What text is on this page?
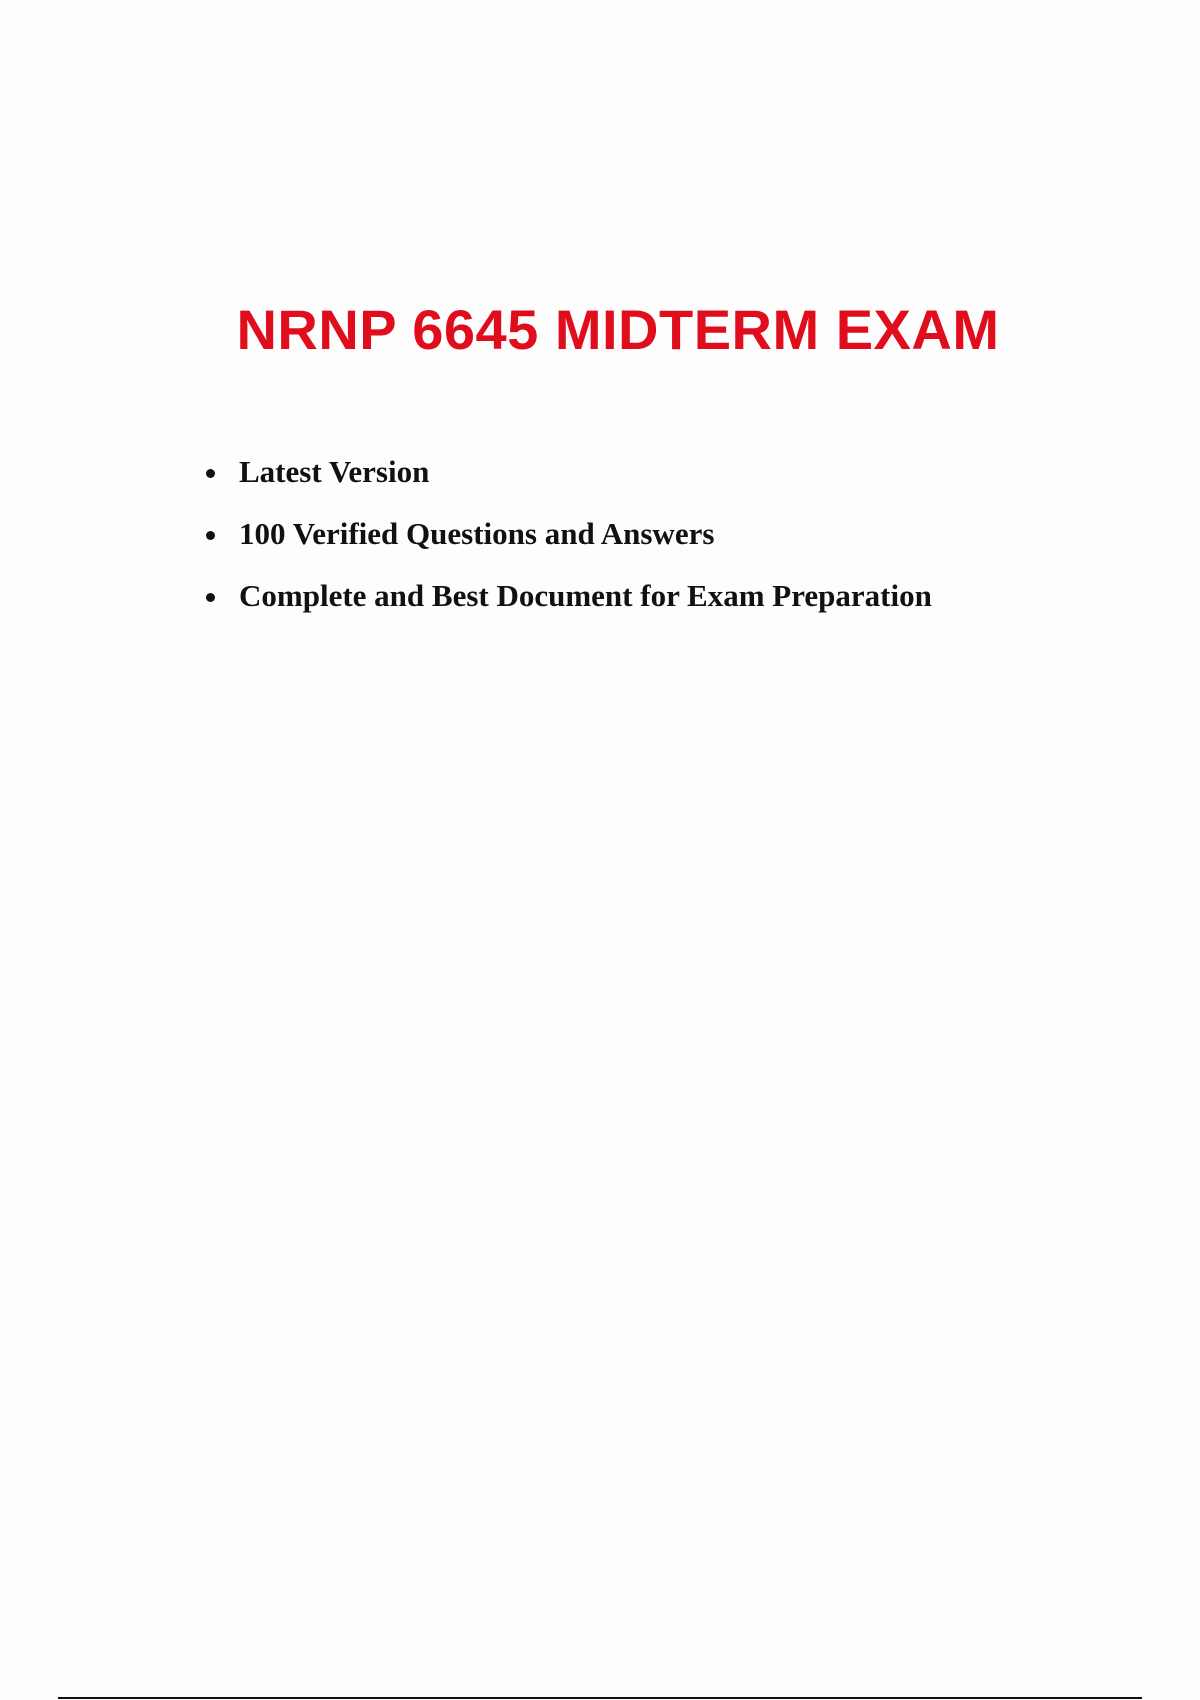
NRNP 6645 MIDTERM EXAM
Latest Version
100 Verified Questions and Answers
Complete and Best Document for Exam Preparation
